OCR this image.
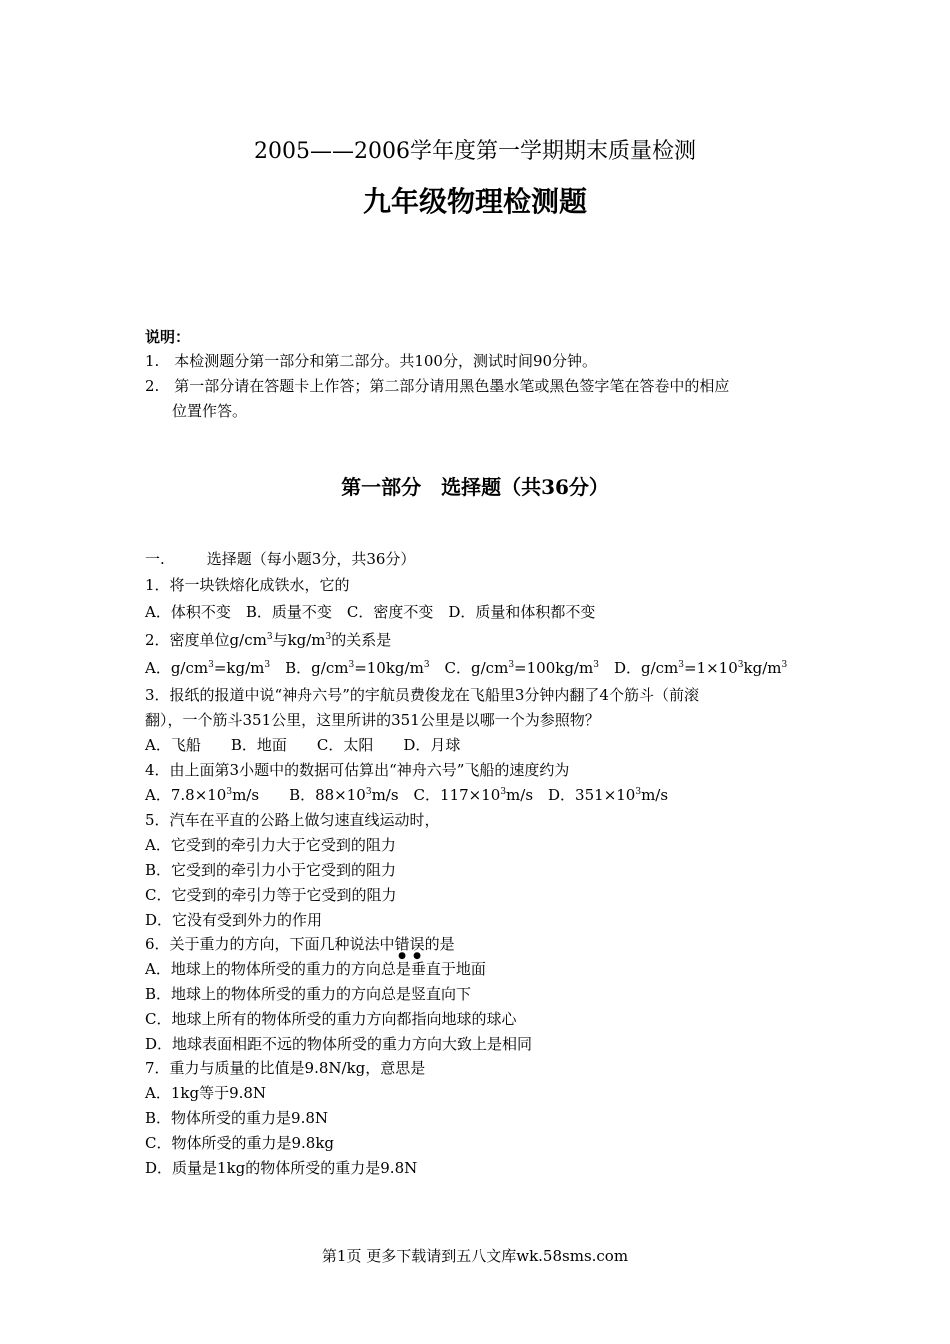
2005——2006学年度第一学期期末质量检测
九年级物理检测题
说明：
1.　本检测题分第一部分和第二部分。共100分，测试时间90分钟。
2.　第一部分请在答题卡上作答；第二部分请用黑色墨水笔或黑色签字笔在答卷中的相应
位置作答。
第一部分　选择题（共36分）
一.	选择题（每小题3分，共36分）
1．将一块铁熔化成铁水，它的
A．体积不变　B．质量不变　C．密度不变　D．质量和体积都不变
2．密度单位$g/cm^3$与$kg/m^3$的关系是
A．$g/cm^3=kg/m^3$　B．$g/cm^3=10kg/m^3$　C．$g/cm^3=100kg/m^3$　D．$g/cm^3=1\times 10^3kg/m^3$
3．报纸的报道中说“神舟六号”的宇航员费俊龙在飞船里3分钟内翻了4个筋斗（前滚
翻），一个筋斗351公里，这里所讲的351公里是以哪一个为参照物？
A．飞船　　B．地面　　C．太阳　　D．月球
4．由上面第3小题中的数据可估算出“神舟六号”飞船的速度约为
A．$7.8\times 10^3m/s$　　B．$88\times 10^3m/s$　C．$117\times 10^3m/s$　D．$351\times 10^3m/s$
5．汽车在平直的公路上做匀速直线运动时，
A．它受到的牵引力大于它受到的阻力
B．它受到的牵引力小于它受到的阻力
C．它受到的牵引力等于它受到的阻力
D．它没有受到外力的作用
6．关于重力的方向，下面几种说法中错
●
误
●
的是
A．地球上的物体所受的重力的方向总是垂直于地面
B．地球上的物体所受的重力的方向总是竖直向下
C．地球上所有的物体所受的重力方向都指向地球的球心
D．地球表面相距不远的物体所受的重力方向大致上是相同
7．重力与质量的比值是9.8N/kg，意思是
A．1kg等于9.8N
B．物体所受的重力是9.8N
C．物体所受的重力是9.8kg
D．质量是1kg的物体所受的重力是9.8N
第1页 更多下载请到五八文库wk.58sms.com
